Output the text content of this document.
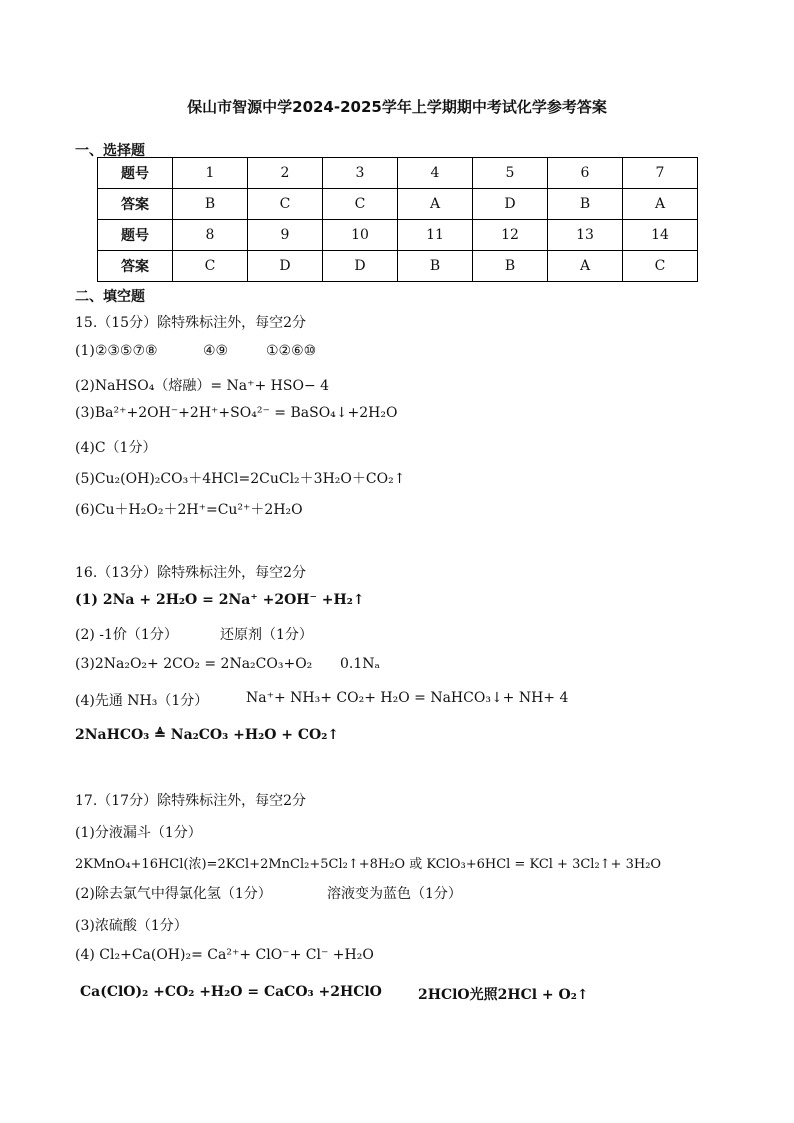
保山市智源中学2024-2025学年上学期期中考试化学参考答案
一、选择题
题号	1	2	3	4	5	6	7
答案	B	C	C	A	D	B	A
题号	8	9	10	11	12	13	14
答案	C	D	D	B	B	A	C
二、填空题
15.（15分）除特殊标注外，每空2分
(1)②③⑤⑦⑧	④⑨	①②⑥⑩
(2)NaHSO₄（熔融）= Na⁺+ HSO− 4
(3)Ba²⁺+2OH⁻+2H⁺+SO₄²⁻ = BaSO₄↓+2H₂O
(4)C（1分）
(5)Cu₂(OH)₂CO₃＋4HCl=2CuCl₂＋3H₂O＋CO₂↑
(6)Cu＋H₂O₂＋2H⁺=Cu²⁺＋2H₂O
16.（13分）除特殊标注外，每空2分
(1) 2Na + 2H₂O = 2Na⁺ +2OH⁻ +H₂↑
(2) -1价（1分）	还原剂（1分）
(3)2Na₂O₂+ 2CO₂ = 2Na₂CO₃+O₂ 0.1Nₐ
(4)先通 NH₃（1分）	Na⁺+ NH₃+ CO₂+ H₂O = NaHCO₃↓+ NH+ 4
2NaHCO₃ ≜ Na₂CO₃ +H₂O + CO₂↑
17.（17分）除特殊标注外，每空2分
(1)分液漏斗（1分）
2KMnO₄+16HCl(浓)=2KCl+2MnCl₂+5Cl₂↑+8H₂O 或 KClO₃+6HCl = KCl + 3Cl₂↑+ 3H₂O
(2)除去氯气中得氯化氢（1分）	溶液变为蓝色（1分）
(3)浓硫酸（1分）
(4) Cl₂+Ca(OH)₂= Ca²⁺+ ClO⁻+ Cl⁻ +H₂O
Ca(ClO)₂ +CO₂ +H₂O = CaCO₃ +2HClO	2HClO光照2HCl + O₂↑
